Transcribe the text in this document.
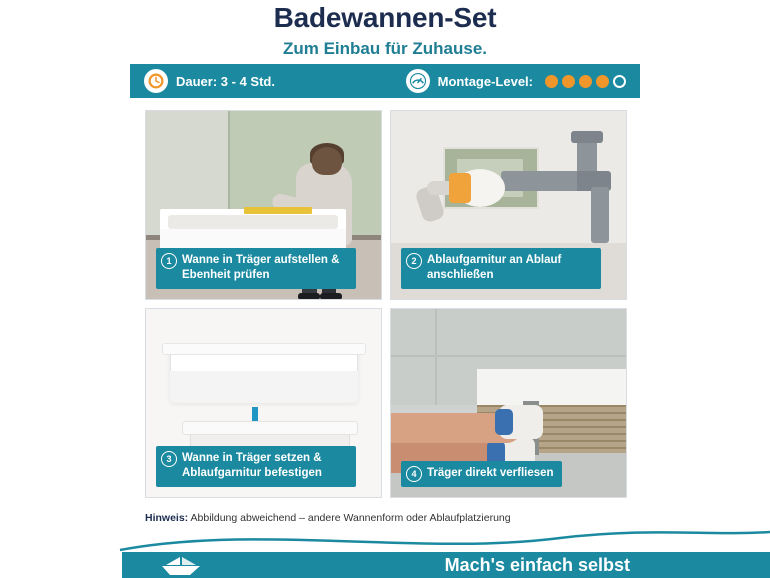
Badewannen-Set
Zum Einbau für Zuhause.
Dauer: 3 - 4 Std.	Montage-Level:
1 Wanne in Träger aufstellen & Ebenheit prüfen
2 Ablaufgarnitur an Ablauf anschließen
3 Wanne in Träger setzen & Ablaufgarnitur befestigen	4 Träger direkt verfliesen
Hinweis: Abbildung abweichend – andere Wannenform oder Ablaufplatzierung
Mach's einfach selbst
